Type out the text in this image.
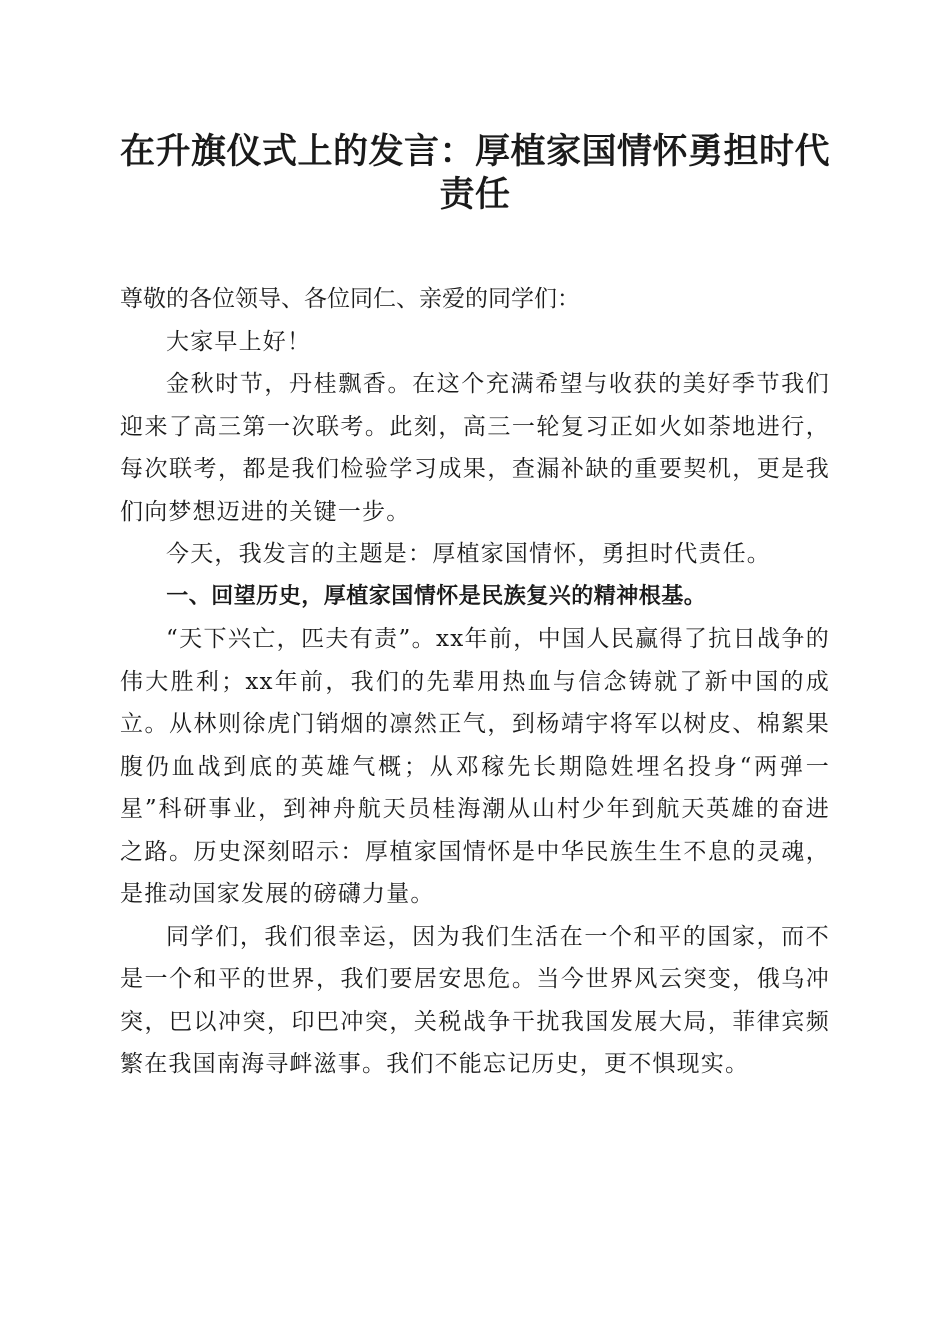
在升旗仪式上的发言：厚植家国情怀勇担时代责任

尊敬的各位领导、各位同仁、亲爱的同学们：

大家早上好！

金秋时节，丹桂飘香。在这个充满希望与收获的美好季节我们迎来了高三第一次联考。此刻，高三一轮复习正如火如荼地进行，每次联考，都是我们检验学习成果，查漏补缺的重要契机，更是我们向梦想迈进的关键一步。

今天，我发言的主题是：厚植家国情怀，勇担时代责任。

一、回望历史，厚植家国情怀是民族复兴的精神根基。

“天下兴亡，匹夫有责”。xx年前，中国人民赢得了抗日战争的伟大胜利；xx年前，我们的先辈用热血与信念铸就了新中国的成立。从林则徐虎门销烟的凛然正气，到杨靖宇将军以树皮、棉絮果腹仍血战到底的英雄气概；从邓稼先长期隐姓埋名投身“两弹一星”科研事业，到神舟航天员桂海潮从山村少年到航天英雄的奋进之路。历史深刻昭示：厚植家国情怀是中华民族生生不息的灵魂，是推动国家发展的磅礴力量。

同学们，我们很幸运，因为我们生活在一个和平的国家，而不是一个和平的世界，我们要居安思危。当今世界风云突变，俄乌冲突，巴以冲突，印巴冲突，关税战争干扰我国发展大局，菲律宾频繁在我国南海寻衅滋事。我们不能忘记历史，更不惧现实。
